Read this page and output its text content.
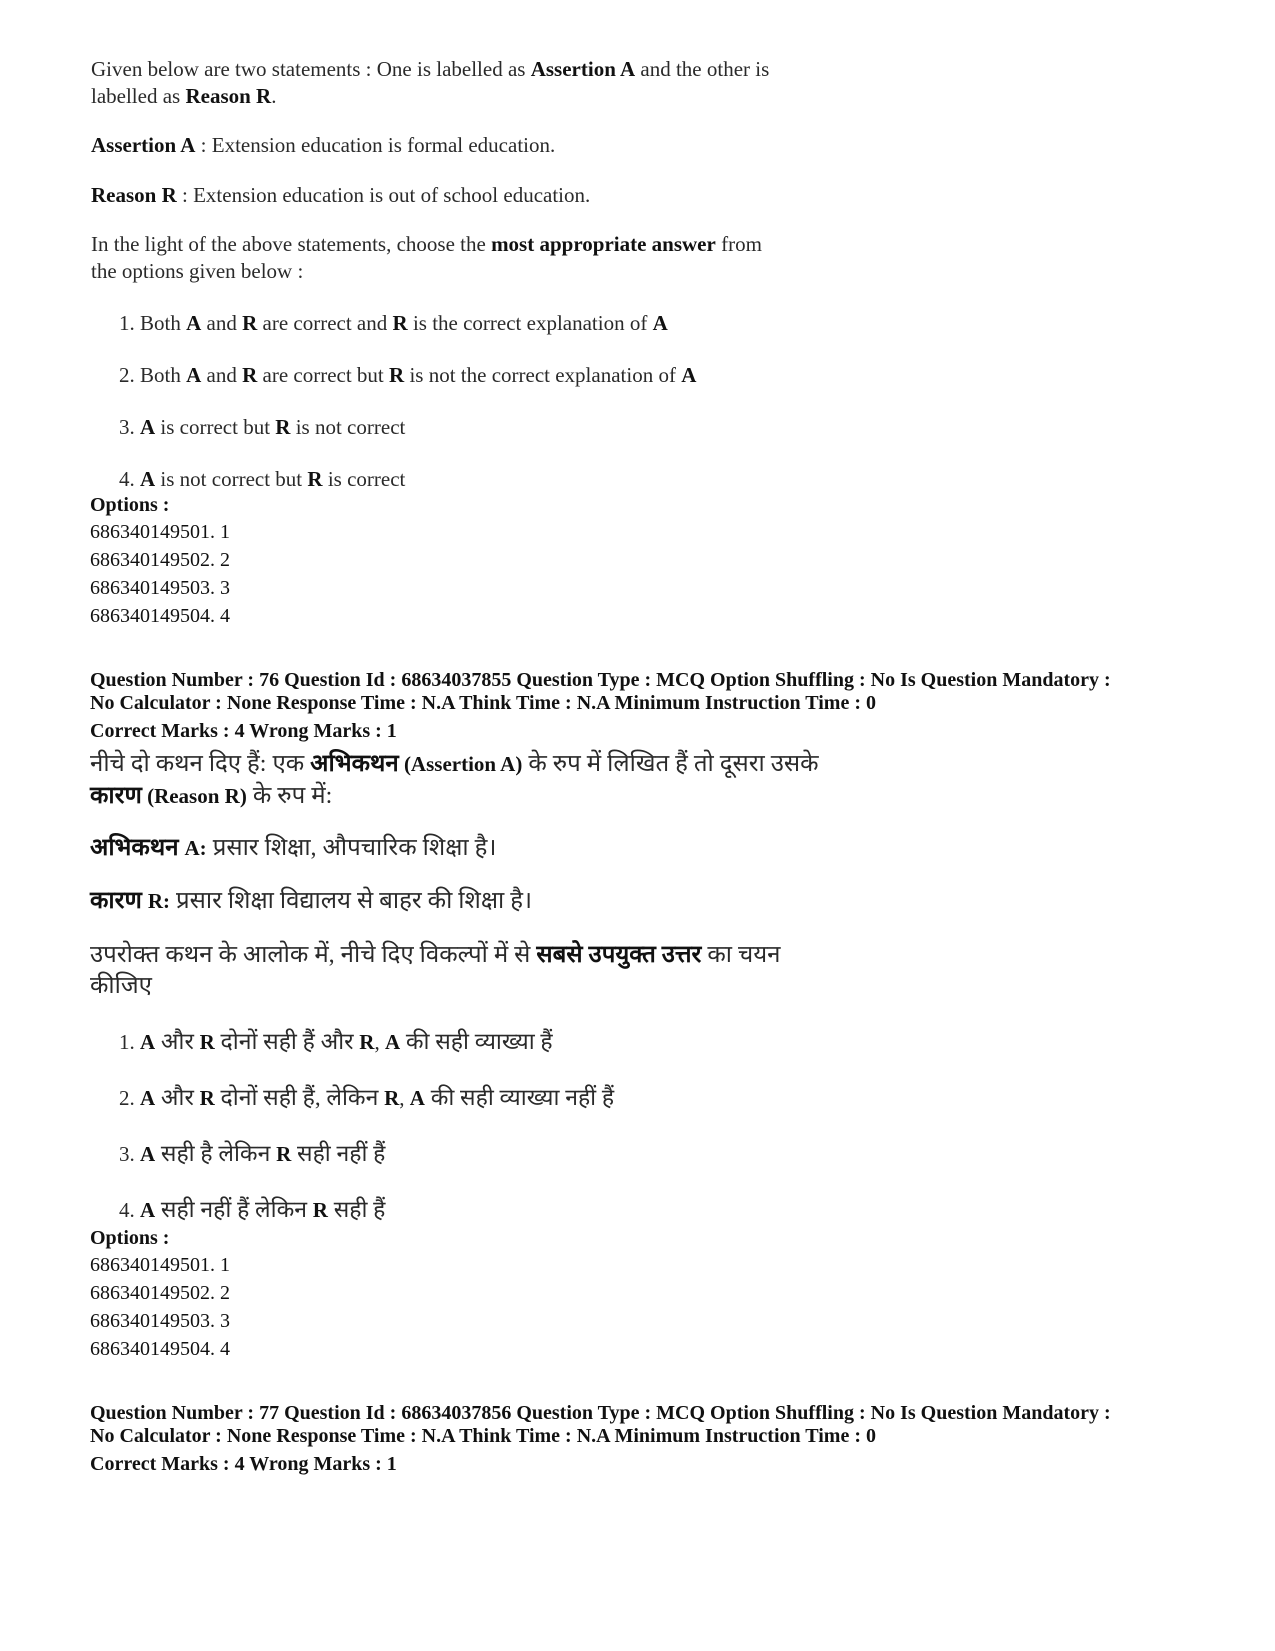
Given below are two statements : One is labelled as Assertion A and the other is
labelled as Reason R.
Assertion A : Extension education is formal education.
Reason R : Extension education is out of school education.
In the light of the above statements, choose the most appropriate answer from
the options given below :
1. Both A and R are correct and R is the correct explanation of A
2. Both A and R are correct but R is not the correct explanation of A
3. A is correct but R is not correct
4. A is not correct but R is correct
Options :
686340149501. 1
686340149502. 2
686340149503. 3
686340149504. 4
Question Number : 76 Question Id : 68634037855 Question Type : MCQ Option Shuffling : No Is Question Mandatory :
No Calculator : None Response Time : N.A Think Time : N.A Minimum Instruction Time : 0
Correct Marks : 4 Wrong Marks : 1
नीचे दो कथन दिए हैं: एक अभिकथन (Assertion A) के रुप में लिखित हैं तो दूसरा उसके
कारण (Reason R) के रुप में:
अभिकथन A: प्रसार शिक्षा, औपचारिक शिक्षा है।
कारण R: प्रसार शिक्षा विद्यालय से बाहर की शिक्षा है।
उपरोक्त कथन के आलोक में, नीचे दिए विकल्पों में से सबसे उपयुक्त उत्तर का चयन
कीजिए
1. A और R दोनों सही हैं और R, A की सही व्याख्या हैं
2. A और R दोनों सही हैं, लेकिन R, A की सही व्याख्या नहीं हैं
3. A सही है लेकिन R सही नहीं हैं
4. A सही नहीं हैं लेकिन R सही हैं
Options :
686340149501. 1
686340149502. 2
686340149503. 3
686340149504. 4
Question Number : 77 Question Id : 68634037856 Question Type : MCQ Option Shuffling : No Is Question Mandatory :
No Calculator : None Response Time : N.A Think Time : N.A Minimum Instruction Time : 0
Correct Marks : 4 Wrong Marks : 1
